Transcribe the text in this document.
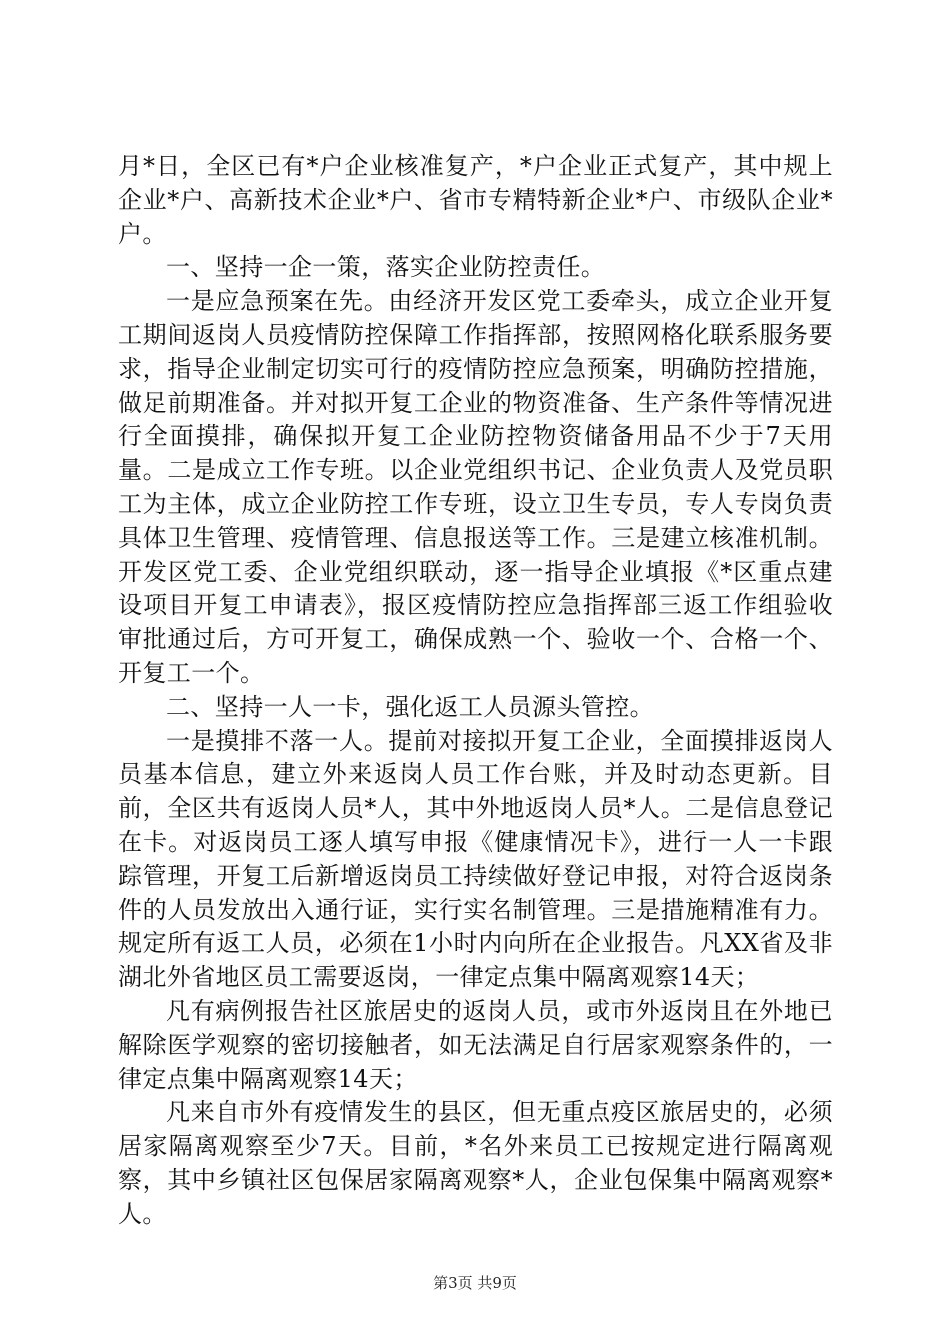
月*日，全区已有*户企业核准复产，*户企业正式复产，其中规上企业*户、高新技术企业*户、省市专精特新企业*户、市级队企业*户。

一、坚持一企一策，落实企业防控责任。

一是应急预案在先。由经济开发区党工委牵头，成立企业开复工期间返岗人员疫情防控保障工作指挥部，按照网格化联系服务要求，指导企业制定切实可行的疫情防控应急预案，明确防控措施，做足前期准备。并对拟开复工企业的物资准备、生产条件等情况进行全面摸排，确保拟开复工企业防控物资储备用品不少于7天用量。二是成立工作专班。以企业党组织书记、企业负责人及党员职工为主体，成立企业防控工作专班，设立卫生专员，专人专岗负责具体卫生管理、疫情管理、信息报送等工作。三是建立核准机制。开发区党工委、企业党组织联动，逐一指导企业填报《*区重点建设项目开复工申请表》，报区疫情防控应急指挥部三返工作组验收审批通过后，方可开复工，确保成熟一个、验收一个、合格一个、开复工一个。

二、坚持一人一卡，强化返工人员源头管控。

一是摸排不落一人。提前对接拟开复工企业，全面摸排返岗人员基本信息，建立外来返岗人员工作台账，并及时动态更新。目前，全区共有返岗人员*人，其中外地返岗人员*人。二是信息登记在卡。对返岗员工逐人填写申报《健康情况卡》，进行一人一卡跟踪管理，开复工后新增返岗员工持续做好登记申报，对符合返岗条件的人员发放出入通行证，实行实名制管理。三是措施精准有力。规定所有返工人员，必须在1小时内向所在企业报告。凡XX省及非湖北外省地区员工需要返岗，一律定点集中隔离观察14天；

凡有病例报告社区旅居史的返岗人员，或市外返岗且在外地已解除医学观察的密切接触者，如无法满足自行居家观察条件的，一律定点集中隔离观察14天；

凡来自市外有疫情发生的县区，但无重点疫区旅居史的，必须居家隔离观察至少7天。目前，*名外来员工已按规定进行隔离观察，其中乡镇社区包保居家隔离观察*人，企业包保集中隔离观察*人。

第3页 共9页
